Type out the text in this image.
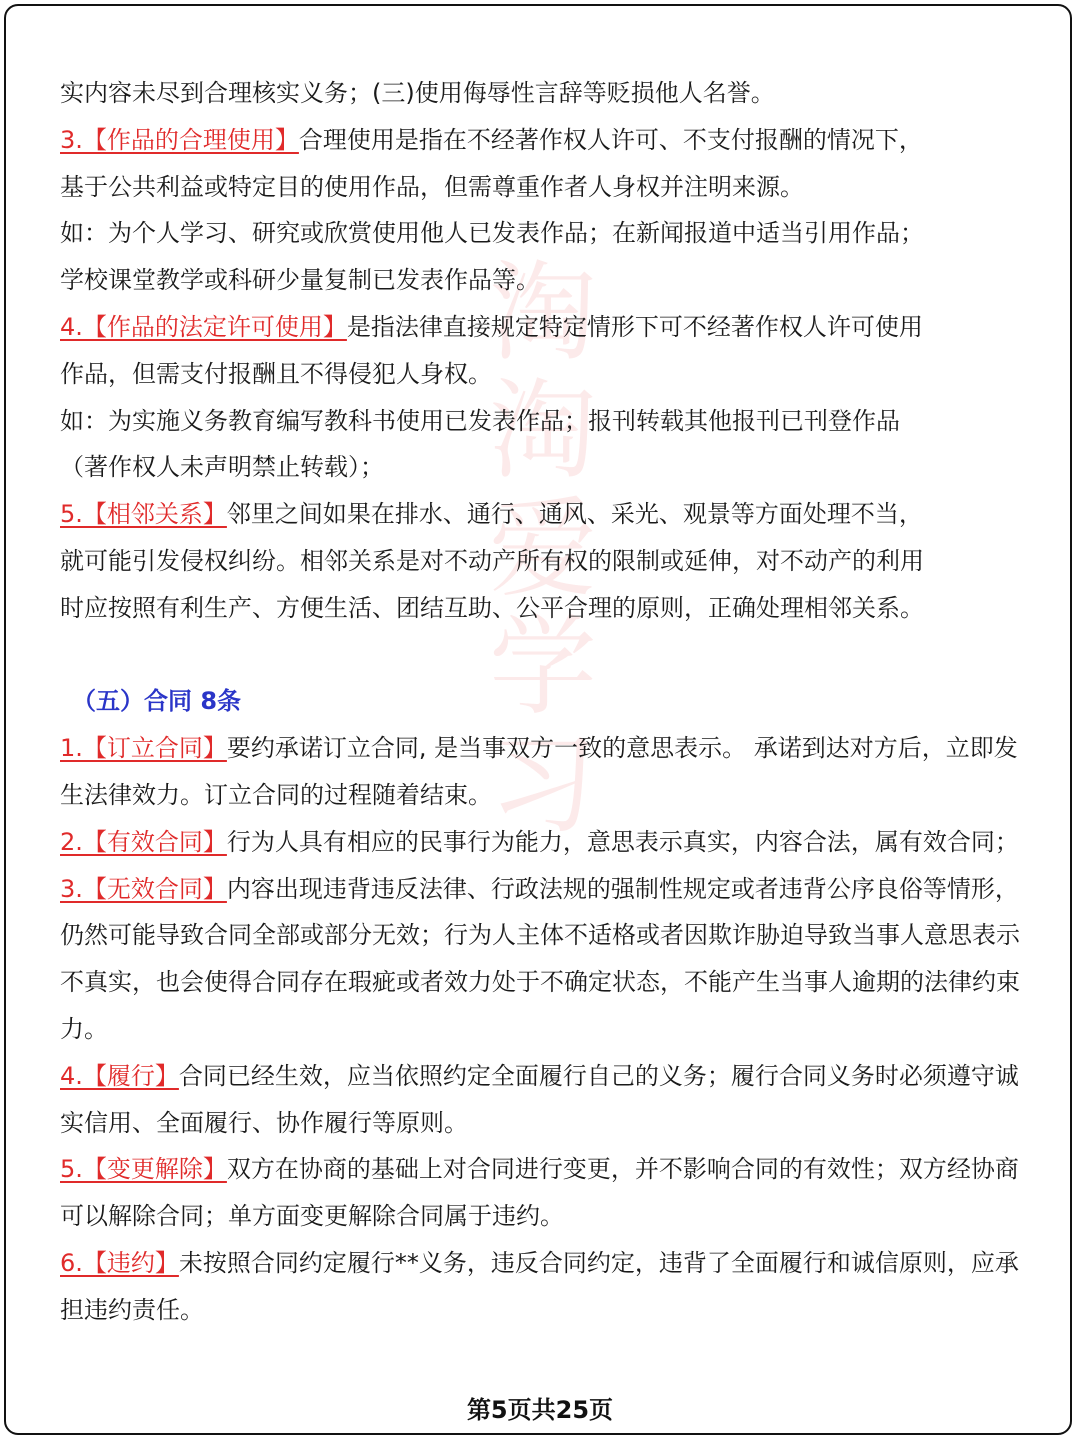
淘
淘
爱
学
习

实内容未尽到合理核实义务；(三)使用侮辱性言辞等贬损他人名誉。

3.【作品的合理使用】合理使用是指在不经著作权人许可、不支付报酬的情况下，

基于公共利益或特定目的使用作品，但需尊重作者人身权并注明来源。

如：为个人学习、研究或欣赏使用他人已发表作品；在新闻报道中适当引用作品；

学校课堂教学或科研少量复制已发表作品等。

4.【作品的法定许可使用】是指法律直接规定特定情形下可不经著作权人许可使用

作品，但需支付报酬且不得侵犯人身权。

如：为实施义务教育编写教科书使用已发表作品；报刊转载其他报刊已刊登作品

（著作权人未声明禁止转载）；

5.【相邻关系】邻里之间如果在排水、通行、通风、采光、观景等方面处理不当，

就可能引发侵权纠纷。相邻关系是对不动产所有权的限制或延伸，对不动产的利用

时应按照有利生产、方便生活、团结互助、公平合理的原则，正确处理相邻关系。

（五）合同 8条

1.【订立合同】要约承诺订立合同, 是当事双方一致的意思表示。 承诺到达对方后，立即发生法律效力。订立合同的过程随着结束。

2.【有效合同】行为人具有相应的民事行为能力，意思表示真实，内容合法，属有效合同；

3.【无效合同】内容出现违背违反法律、行政法规的强制性规定或者违背公序良俗等情形，仍然可能导致合同全部或部分无效；行为人主体不适格或者因欺诈胁迫导致当事人意思表示不真实，也会使得合同存在瑕疵或者效力处于不确定状态，不能产生当事人逾期的法律约束力。

4.【履行】合同已经生效，应当依照约定全面履行自己的义务；履行合同义务时必须遵守诚实信用、全面履行、协作履行等原则。

5.【变更解除】双方在协商的基础上对合同进行变更，并不影响合同的有效性；双方经协商可以解除合同；单方面变更解除合同属于违约。

6.【违约】未按照合同约定履行**义务，违反合同约定，违背了全面履行和诚信原则，应承担违约责任。

第5页共25页
